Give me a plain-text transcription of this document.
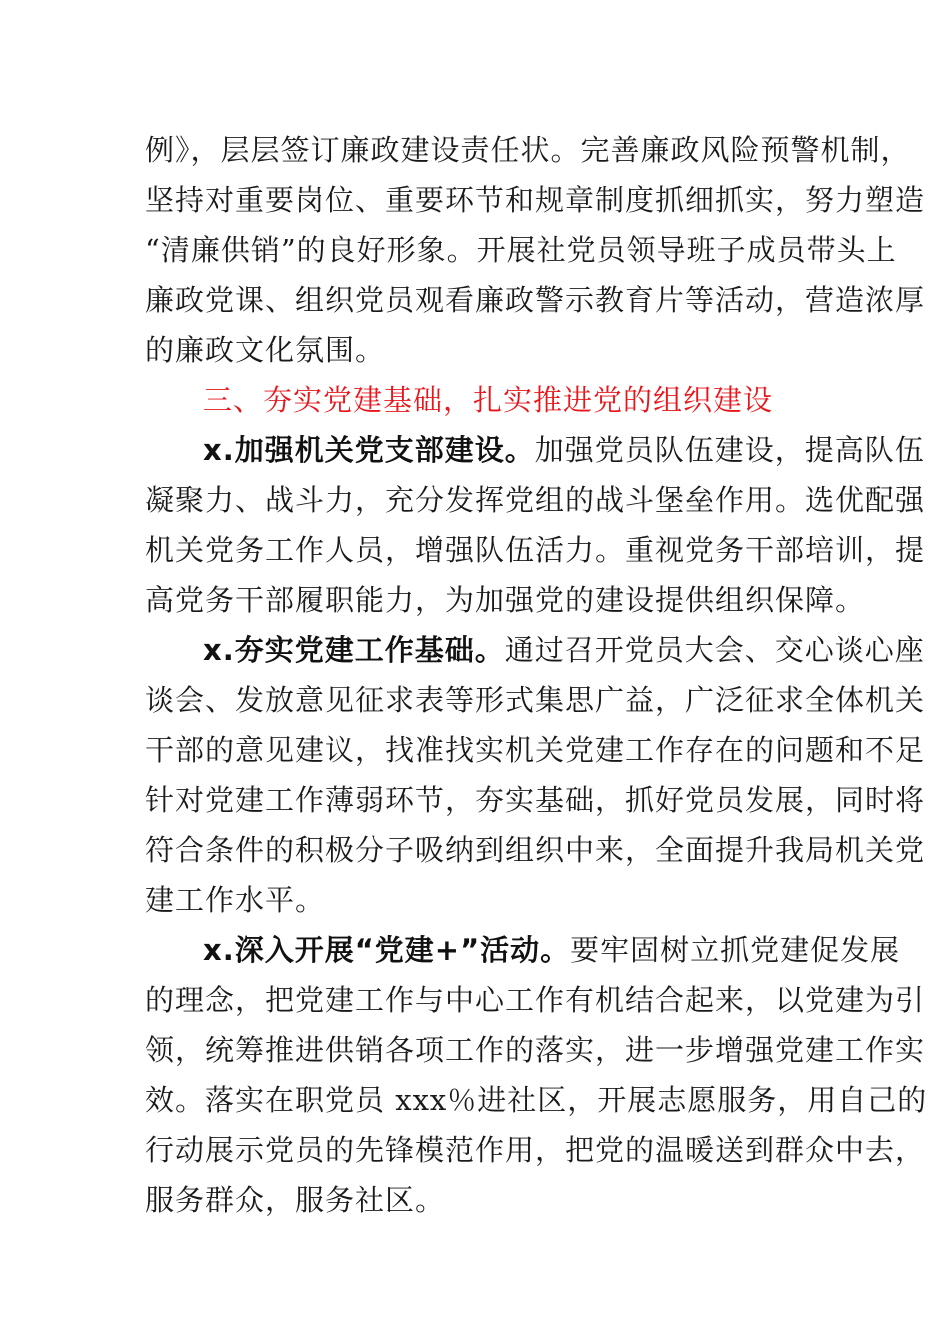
例》，层层签订廉政建设责任状。完善廉政风险预警机制，
坚持对重要岗位、重要环节和规章制度抓细抓实，努力塑造
“清廉供销”的良好形象。开展社党员领导班子成员带头上
廉政党课、组织党员观看廉政警示教育片等活动，营造浓厚
的廉政文化氛围。
三、夯实党建基础，扎实推进党的组织建设
x.加强机关党支部建设。加强党员队伍建设，提高队伍
凝聚力、战斗力，充分发挥党组的战斗堡垒作用。选优配强
机关党务工作人员，增强队伍活力。重视党务干部培训，提
高党务干部履职能力，为加强党的建设提供组织保障。
x.夯实党建工作基础。通过召开党员大会、交心谈心座
谈会、发放意见征求表等形式集思广益，广泛征求全体机关
干部的意见建议，找准找实机关党建工作存在的问题和不足
针对党建工作薄弱环节，夯实基础，抓好党员发展，同时将
符合条件的积极分子吸纳到组织中来，全面提升我局机关党
建工作水平。
x.深入开展“党建+”活动。要牢固树立抓党建促发展
的理念，把党建工作与中心工作有机结合起来，以党建为引
领，统筹推进供销各项工作的落实，进一步增强党建工作实
效。落实在职党员 xxx％进社区，开展志愿服务，用自己的
行动展示党员的先锋模范作用，把党的温暖送到群众中去，
服务群众，服务社区。
